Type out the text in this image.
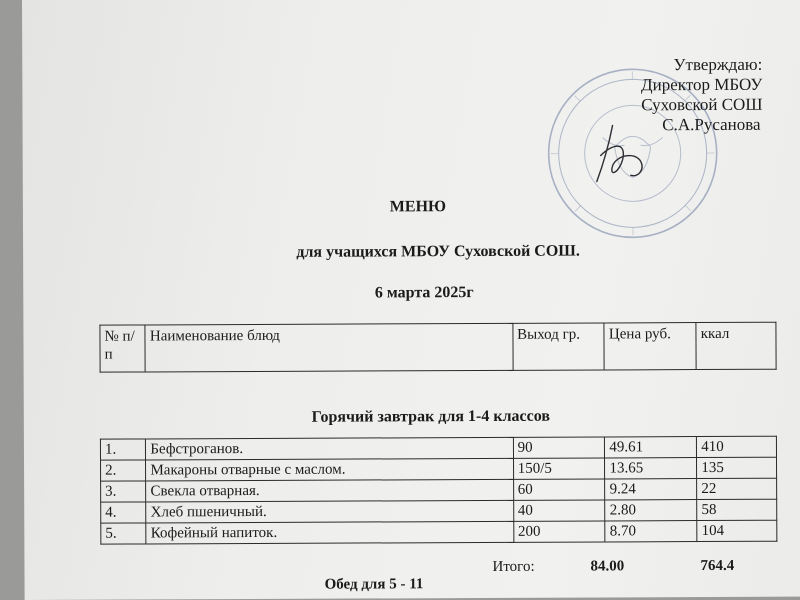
Утверждаю:
Директор МБОУ
Суховской СОШ
С.А.Русанова
МЕНЮ
для учащихся МБОУ Суховской СОШ.
6 марта 2025г
№ п/п	Наименование блюд	Выход гр.	Цена руб.	ккал
Горячий завтрак для 1-4 классов
1.	Бефстроганов.	90	49.61	410
2.	Макароны отварные с маслом.	150/5	13.65	135
3.	Свекла отварная.	60	9.24	22
4.	Хлеб пшеничный.	40	2.80	58
5.	Кофейный напиток.	200	8.70	104
Итого:	84.00	764.4
Обед для 5 - 11
